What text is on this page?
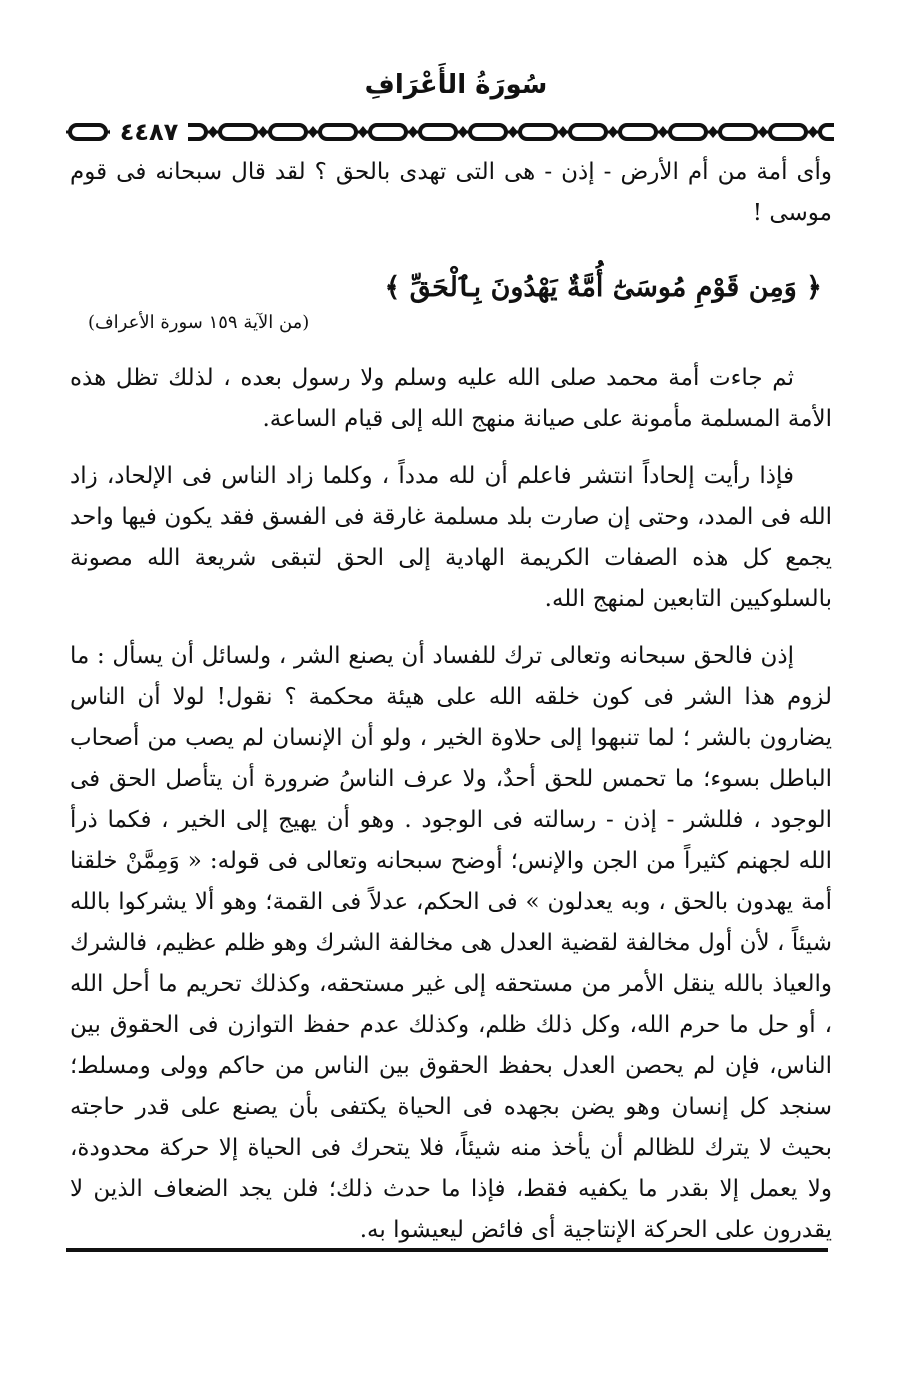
سُورَةُ الأَعْرَافِ
٤٤٨٧

وأى أمة من أم الأرض - إذن - هى التى تهدى بالحق ؟ لقد قال سبحانه فى قوم موسى !

﴿ وَمِن قَوْمِ مُوسَىٰٓ أُمَّةٌ يَهْدُونَ بِٱلْحَقِّ ﴾
(من الآية ١٥٩ سورة الأعراف)

ثم جاءت أمة محمد صلى الله عليه وسلم ولا رسول بعده ، لذلك تظل هذه الأمة المسلمة مأمونة على صيانة منهج الله إلى قيام الساعة.

فإذا رأيت إلحاداً انتشر فاعلم أن لله مدداً ، وكلما زاد الناس فى الإلحاد، زاد الله فى المدد، وحتى إن صارت بلد مسلمة غارقة فى الفسق فقد يكون فيها واحد يجمع كل هذه الصفات الكريمة الهادية إلى الحق لتبقى شريعة الله مصونة بالسلوكيين التابعين لمنهج الله.

إذن فالحق سبحانه وتعالى ترك للفساد أن يصنع الشر ، ولسائل أن يسأل : ما لزوم هذا الشر فى كون خلقه الله على هيئة محكمة ؟ نقول! لولا أن الناس يضارون بالشر ؛ لما تنبهوا إلى حلاوة الخير ، ولو أن الإنسان لم يصب من أصحاب الباطل بسوء؛ ما تحمس للحق أحدٌ، ولا عرف الناسُ ضرورة أن يتأصل الحق فى الوجود ، فللشر - إذن - رسالته فى الوجود . وهو أن يهيج إلى الخير ، فكما ذرأ الله لجهنم كثيراً من الجن والإنس؛ أوضح سبحانه وتعالى فى قوله: « وَمِمَّنْ خلقنا أمة يهدون بالحق ، وبه يعدلون » فى الحكم، عدلاً فى القمة؛ وهو ألا يشركوا بالله شيئاً ، لأن أول مخالفة لقضية العدل هى مخالفة الشرك وهو ظلم عظيم، فالشرك والعياذ بالله ينقل الأمر من مستحقه إلى غير مستحقه، وكذلك تحريم ما أحل الله ، أو حل ما حرم الله، وكل ذلك ظلم، وكذلك عدم حفظ التوازن فى الحقوق بين الناس، فإن لم يحصن العدل بحفظ الحقوق بين الناس من حاكم وولى ومسلط؛ سنجد كل إنسان وهو يضن بجهده فى الحياة يكتفى بأن يصنع على قدر حاجته بحيث لا يترك للظالم أن يأخذ منه شيئاً، فلا يتحرك فى الحياة إلا حركة محدودة، ولا يعمل إلا بقدر ما يكفيه فقط، فإذا ما حدث ذلك؛ فلن يجد الضعاف الذين لا يقدرون على الحركة الإنتاجية أى فائض ليعيشوا به.
